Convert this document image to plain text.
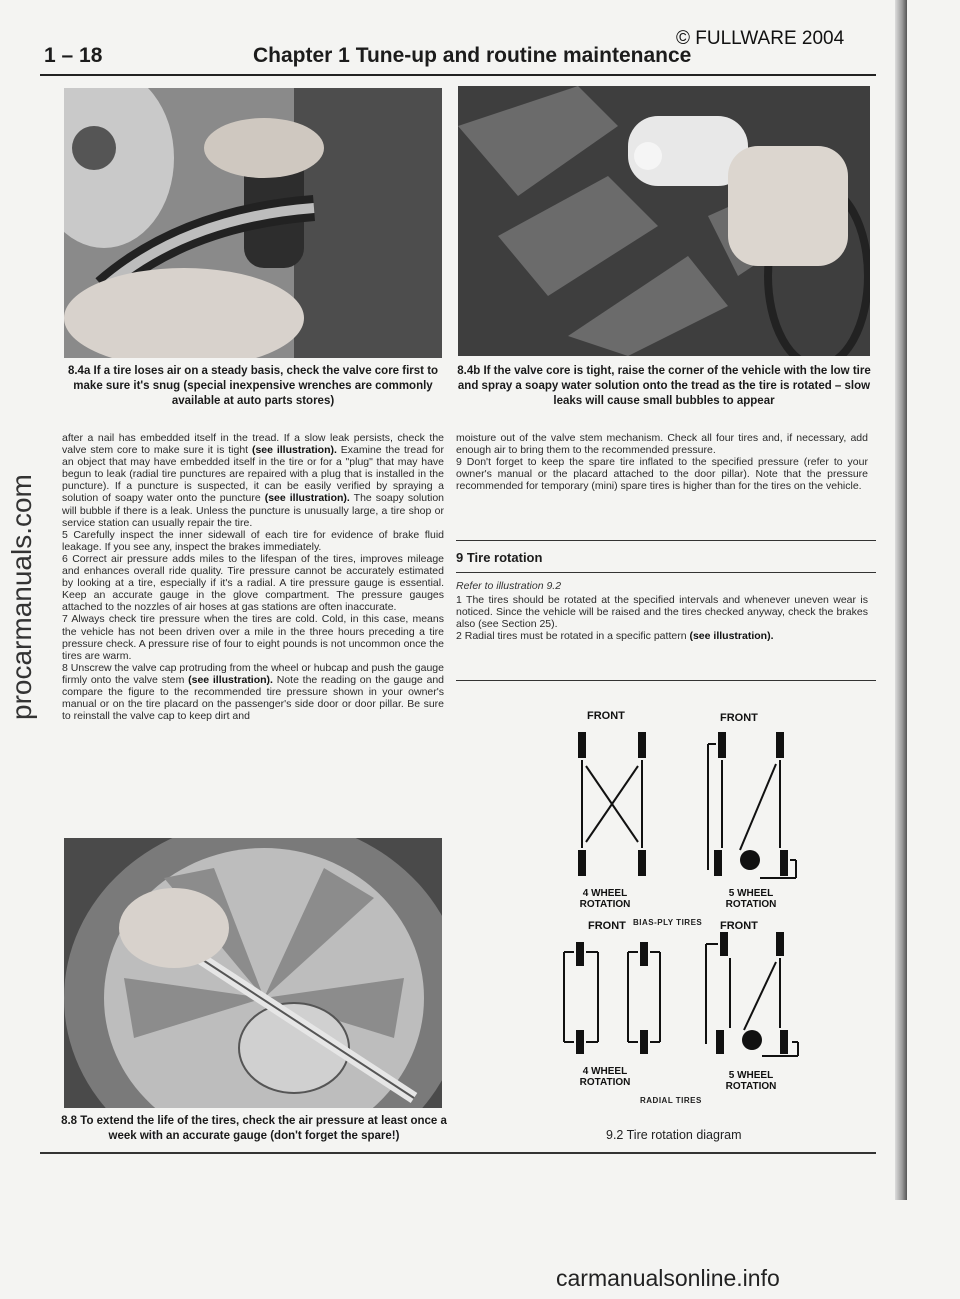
© FULLWARE 2004
1 – 18	Chapter 1 Tune-up and routine maintenance
procarmanuals.com
8.4a If a tire loses air on a steady basis, check the valve core first to make sure it's snug (special inexpensive wrenches are commonly available at auto parts stores)
8.4b If the valve core is tight, raise the corner of the vehicle with the low tire and spray a soapy water solution onto the tread as the tire is rotated – slow leaks will cause small bubbles to appear

after a nail has embedded itself in the tread. If a slow leak persists, check the valve stem core to make sure it is tight (see illustration). Examine the tread for an object that may have embedded itself in the tire or for a "plug" that may have begun to leak (radial tire punctures are repaired with a plug that is installed in the puncture). If a puncture is suspected, it can be easily verified by spraying a solution of soapy water onto the puncture (see illustration). The soapy solution will bubble if there is a leak. Unless the puncture is unusually large, a tire shop or service station can usually repair the tire.

5 Carefully inspect the inner sidewall of each tire for evidence of brake fluid leakage. If you see any, inspect the brakes immediately.

6 Correct air pressure adds miles to the lifespan of the tires, improves mileage and enhances overall ride quality. Tire pressure cannot be accurately estimated by looking at a tire, especially if it's a radial. A tire pressure gauge is essential. Keep an accurate gauge in the glove compartment. The pressure gauges attached to the nozzles of air hoses at gas stations are often inaccurate.

7 Always check tire pressure when the tires are cold. Cold, in this case, means the vehicle has not been driven over a mile in the three hours preceding a tire pressure check. A pressure rise of four to eight pounds is not uncommon once the tires are warm.

8 Unscrew the valve cap protruding from the wheel or hubcap and push the gauge firmly onto the valve stem (see illustration). Note the reading on the gauge and compare the figure to the recommended tire pressure shown in your owner's manual or on the tire placard on the passenger's side door or door pillar. Be sure to reinstall the valve cap to keep dirt and

moisture out of the valve stem mechanism. Check all four tires and, if necessary, add enough air to bring them to the recommended pressure.

9 Don't forget to keep the spare tire inflated to the specified pressure (refer to your owner's manual or the placard attached to the door pillar). Note that the pressure recommended for temporary (mini) spare tires is higher than for the tires on the vehicle.

9 Tire rotation
Refer to illustration 9.2

1 The tires should be rotated at the specified intervals and whenever uneven wear is noticed. Since the vehicle will be raised and the tires checked anyway, check the brakes also (see Section 25).

2 Radial tires must be rotated in a specific pattern (see illustration).

8.8 To extend the life of the tires, check the air pressure at least once a week with an accurate gauge (don't forget the spare!)
FRONT	FRONT
4 WHEEL
ROTATION
5 WHEEL
ROTATION
BIAS-PLY TIRES
FRONT	FRONT
4 WHEEL
ROTATION
5 WHEEL
ROTATION
RADIAL TIRES
9.2 Tire rotation diagram
carmanualsonline.info
